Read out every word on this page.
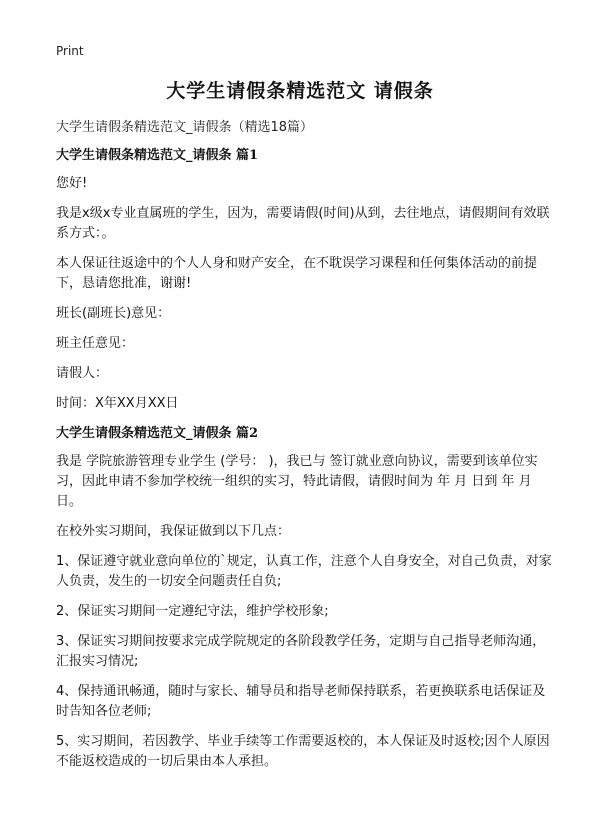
Print
大学生请假条精选范文 请假条

大学生请假条精选范文_请假条（精选18篇）

大学生请假条精选范文_请假条 篇1

您好!

我是x级x专业直属班的学生，因为，需要请假(时间)从到，去往地点，请假期间有效联系方式：。

本人保证往返途中的个人人身和财产安全，在不耽误学习课程和任何集体活动的前提下，恳请您批准，谢谢!

班长(副班长)意见：

班主任意见：

请假人：

时间：X年XX月XX日

大学生请假条精选范文_请假条 篇2

我是 学院旅游管理专业学生 (学号： )，我已与 签订就业意向协议，需要到该单位实习，因此申请不参加学校统一组织的实习，特此请假，请假时间为 年 月 日到 年 月 日。

在校外实习期间，我保证做到以下几点：

1、保证遵守就业意向单位的`规定，认真工作，注意个人自身安全，对自己负责，对家人负责，发生的一切安全问题责任自负;

2、保证实习期间一定遵纪守法，维护学校形象;

3、保证实习期间按要求完成学院规定的各阶段教学任务，定期与自己指导老师沟通，汇报实习情况;

4、保持通讯畅通，随时与家长、辅导员和指导老师保持联系，若更换联系电话保证及时告知各位老师;

5、实习期间，若因教学、毕业手续等工作需要返校的，本人保证及时返校;因个人原因不能返校造成的一切后果由本人承担。
